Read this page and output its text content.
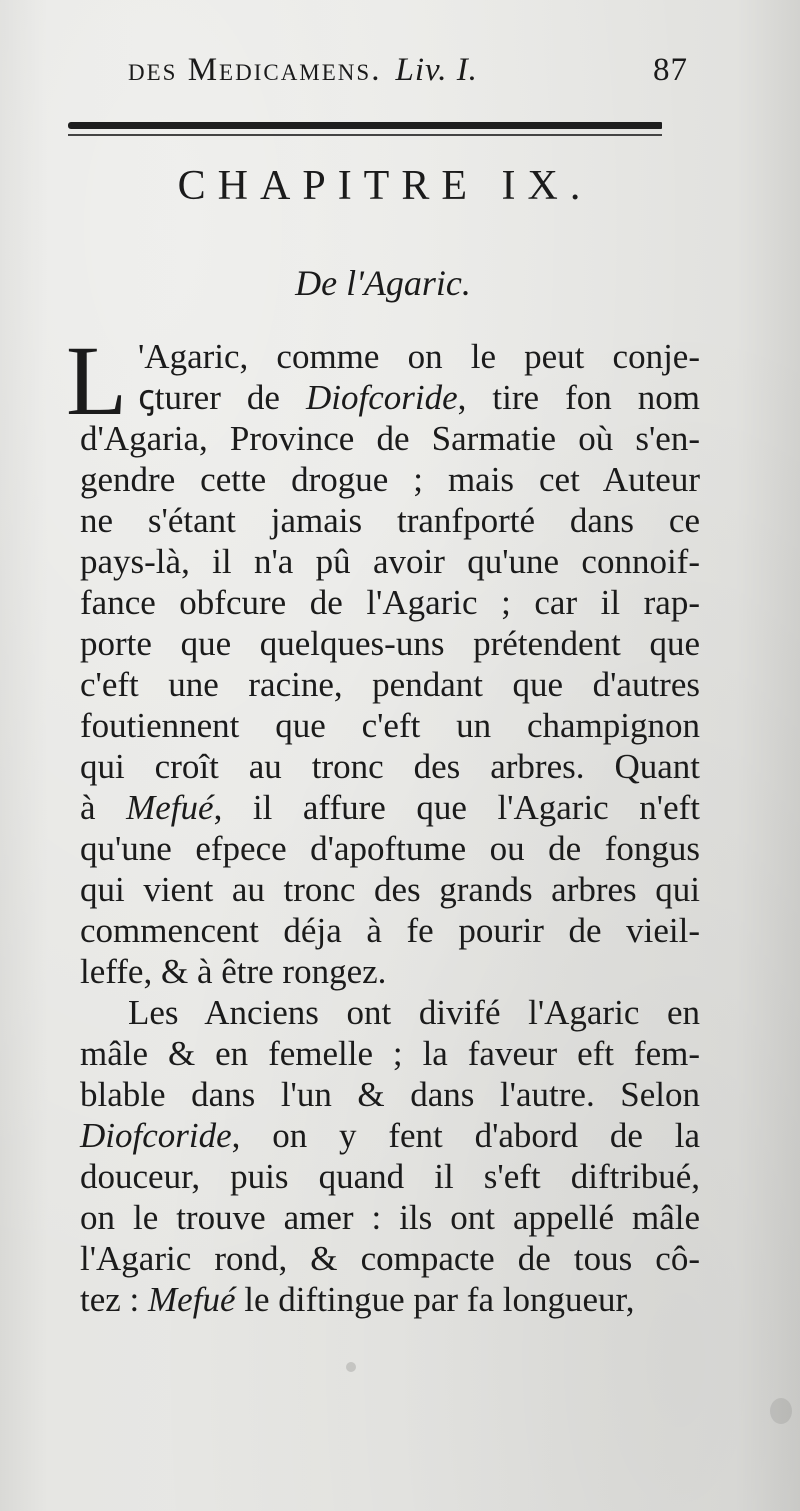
des Medicamens. Liv. I.	87
CHAPITRE IX.
De l'Agaric.
'Agaric, comme on le peut conje-
L ꞔturer de Diofcoride, tire fon nom
d'Agaria, Province de Sarmatie où s'en-
gendre cette drogue ; mais cet Auteur
ne s'étant jamais tranfporté dans ce
pays-là, il n'a pû avoir qu'une connoif-
fance obfcure de l'Agaric ; car il rap-
porte que quelques-uns prétendent que
c'eft une racine, pendant que d'autres
foutiennent que c'eft un champignon
qui croît au tronc des arbres. Quant
à Mefué, il affure que l'Agaric n'eft
qu'une efpece d'apoftume ou de fongus
qui vient au tronc des grands arbres qui
commencent déja à fe pourir de vieil-
leffe, & à être rongez.
Les Anciens ont divifé l'Agaric en
mâle & en femelle ; la faveur eft fem-
blable dans l'un & dans l'autre. Selon
Diofcoride, on y fent d'abord de la
douceur, puis quand il s'eft diftribué,
on le trouve amer : ils ont appellé mâle
l'Agaric rond, & compacte de tous cô-
tez : Mefué le diftingue par fa longueur,
